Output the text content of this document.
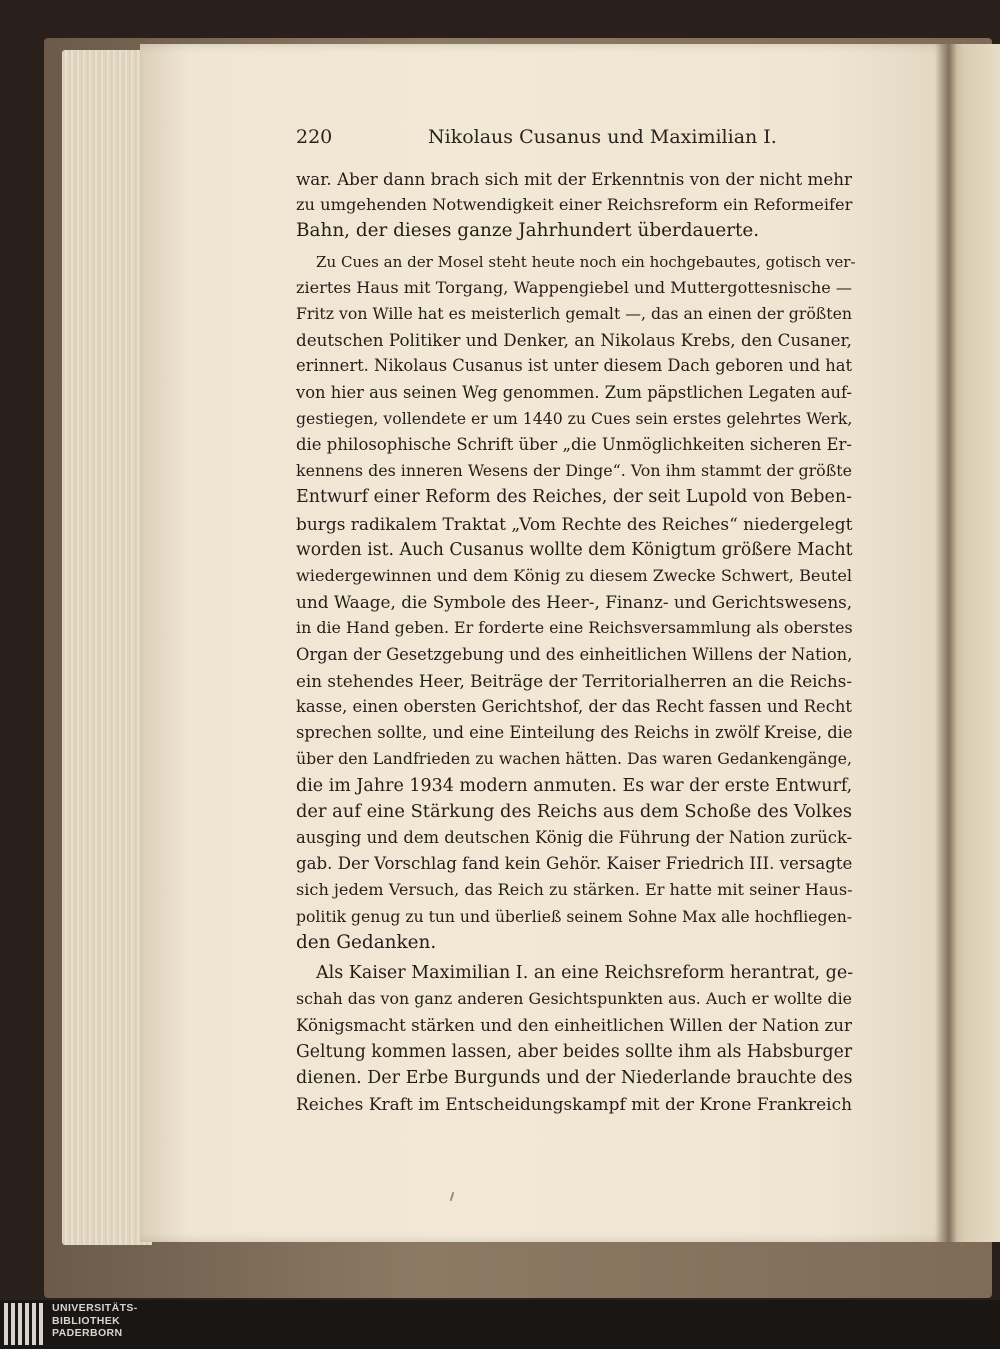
220	Nikolaus Cusanus und Maximilian I.
war. Aber dann brach sich mit der Erkenntnis von der nicht mehr
zu umgehenden Notwendigkeit einer Reichsreform ein Reformeifer
Bahn, der dieses ganze Jahrhundert überdauerte.
Zu Cues an der Mosel steht heute noch ein hochgebautes, gotisch ver-
ziertes Haus mit Torgang, Wappengiebel und Muttergottesnische —
Fritz von Wille hat es meisterlich gemalt —, das an einen der größten
deutschen Politiker und Denker, an Nikolaus Krebs, den Cusaner,
erinnert. Nikolaus Cusanus ist unter diesem Dach geboren und hat
von hier aus seinen Weg genommen. Zum päpstlichen Legaten auf-
gestiegen, vollendete er um 1440 zu Cues sein erstes gelehrtes Werk,
die philosophische Schrift über „die Unmöglichkeiten sicheren Er-
kennens des inneren Wesens der Dinge“. Von ihm stammt der größte
Entwurf einer Reform des Reiches, der seit Lupold von Beben-
burgs radikalem Traktat „Vom Rechte des Reiches“ niedergelegt
worden ist. Auch Cusanus wollte dem Königtum größere Macht
wiedergewinnen und dem König zu diesem Zwecke Schwert, Beutel
und Waage, die Symbole des Heer-, Finanz- und Gerichtswesens,
in die Hand geben. Er forderte eine Reichsversammlung als oberstes
Organ der Gesetzgebung und des einheitlichen Willens der Nation,
ein stehendes Heer, Beiträge der Territorialherren an die Reichs-
kasse, einen obersten Gerichtshof, der das Recht fassen und Recht
sprechen sollte, und eine Einteilung des Reichs in zwölf Kreise, die
über den Landfrieden zu wachen hätten. Das waren Gedankengänge,
die im Jahre 1934 modern anmuten. Es war der erste Entwurf,
der auf eine Stärkung des Reichs aus dem Schoße des Volkes
ausging und dem deutschen König die Führung der Nation zurück-
gab. Der Vorschlag fand kein Gehör. Kaiser Friedrich III. versagte
sich jedem Versuch, das Reich zu stärken. Er hatte mit seiner Haus-
politik genug zu tun und überließ seinem Sohne Max alle hochfliegen-
den Gedanken.
Als Kaiser Maximilian I. an eine Reichsreform herantrat, ge-
schah das von ganz anderen Gesichtspunkten aus. Auch er wollte die
Königsmacht stärken und den einheitlichen Willen der Nation zur
Geltung kommen lassen, aber beides sollte ihm als Habsburger
dienen. Der Erbe Burgunds und der Niederlande brauchte des
Reiches Kraft im Entscheidungskampf mit der Krone Frankreich
UNIVERSITÄTS-
BIBLIOTHEK
PADERBORN
